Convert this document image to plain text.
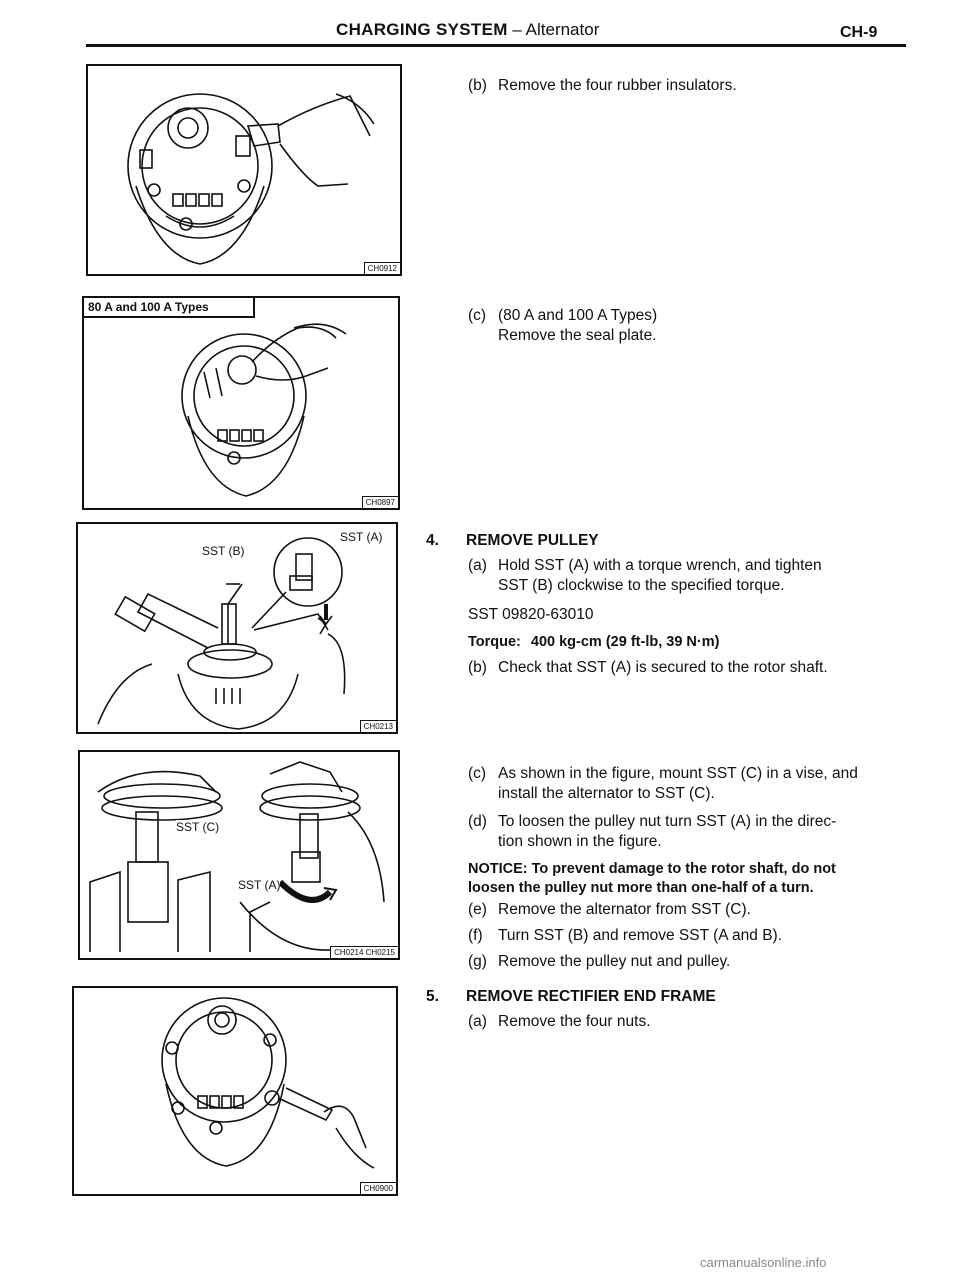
CHARGING SYSTEM – Alternator	CH-9
CH0912
80 A and 100 A Types
CH0897
SST (B)
SST (A)
CH0213
SST (C)
SST (A)
CH0214 CH0215
CH0900
(b) Remove the four rubber insulators.
(c) (80 A and 100 A Types)
Remove the seal plate.
4. REMOVE PULLEY
(a) Hold SST (A) with a torque wrench, and tighten
SST (B) clockwise to the specified torque.
SST 09820-63010
Torque: 400 kg-cm (29 ft-lb, 39 N·m)
(b) Check that SST (A) is secured to the rotor shaft.
(c) As shown in the figure, mount SST (C) in a vise, and
install the alternator to SST (C).
(d) To loosen the pulley nut turn SST (A) in the direc-
tion shown in the figure.
NOTICE: To prevent damage to the rotor shaft, do not
loosen the pulley nut more than one-half of a turn.
(e) Remove the alternator from SST (C).
(f) Turn SST (B) and remove SST (A and B).
(g) Remove the pulley nut and pulley.
5. REMOVE RECTIFIER END FRAME
(a) Remove the four nuts.
carmanualsonline.info
